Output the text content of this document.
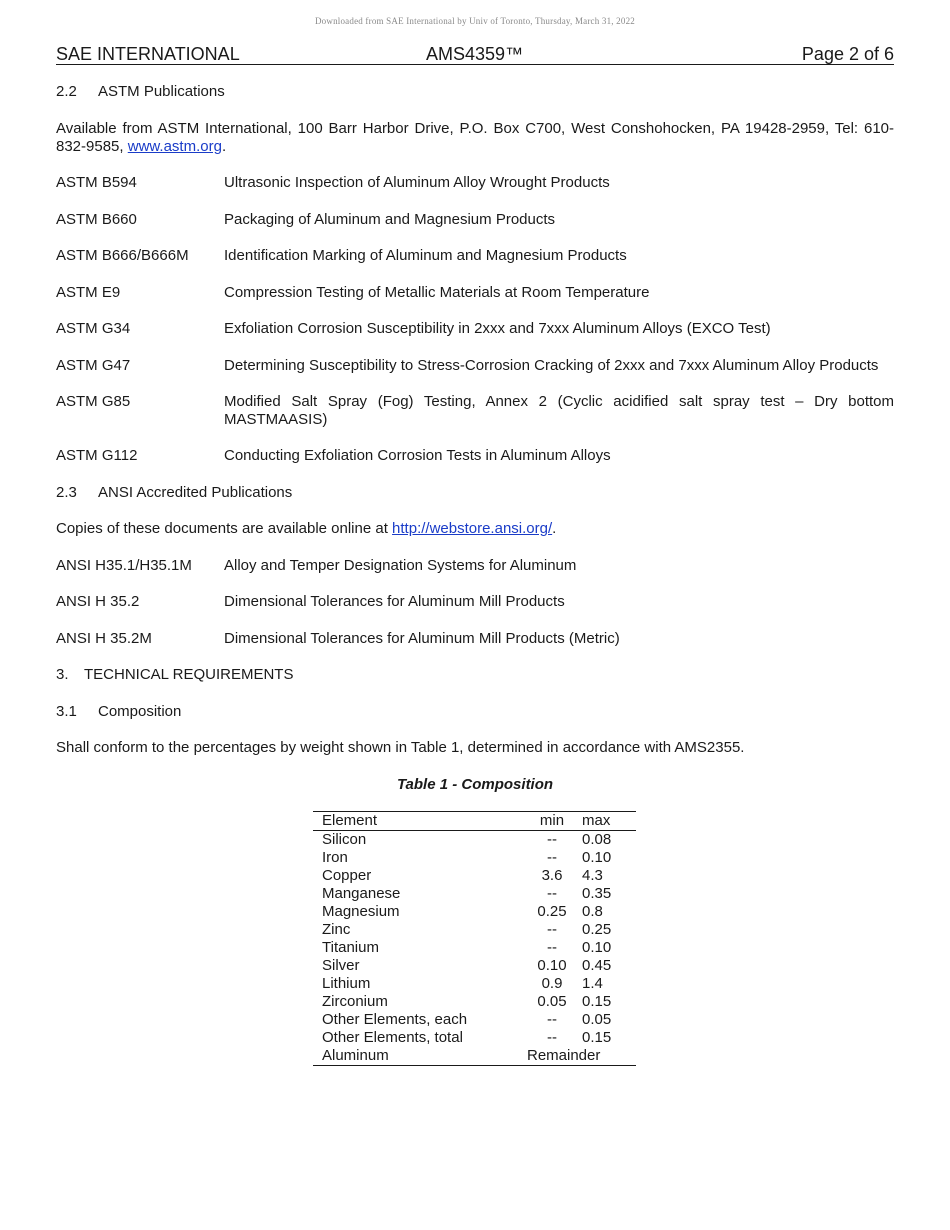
Downloaded from SAE International by Univ of Toronto, Thursday, March 31, 2022
SAE INTERNATIONAL	AMS4359™	Page 2 of 6
2.2 ASTM Publications
Available from ASTM International, 100 Barr Harbor Drive, P.O. Box C700, West Conshohocken, PA 19428-2959, Tel: 610-832-9585, www.astm.org.
ASTM B594	Ultrasonic Inspection of Aluminum Alloy Wrought Products
ASTM B660	Packaging of Aluminum and Magnesium Products
ASTM B666/B666M	Identification Marking of Aluminum and Magnesium Products
ASTM E9	Compression Testing of Metallic Materials at Room Temperature
ASTM G34	Exfoliation Corrosion Susceptibility in 2xxx and 7xxx Aluminum Alloys (EXCO Test)
ASTM G47	Determining Susceptibility to Stress-Corrosion Cracking of 2xxx and 7xxx Aluminum Alloy Products
ASTM G85	Modified Salt Spray (Fog) Testing, Annex 2 (Cyclic acidified salt spray test – Dry bottom MASTMAASIS)
ASTM G112	Conducting Exfoliation Corrosion Tests in Aluminum Alloys
2.3 ANSI Accredited Publications
Copies of these documents are available online at http://webstore.ansi.org/.
ANSI H35.1/H35.1M	Alloy and Temper Designation Systems for Aluminum
ANSI H 35.2	Dimensional Tolerances for Aluminum Mill Products
ANSI H 35.2M	Dimensional Tolerances for Aluminum Mill Products (Metric)
3. TECHNICAL REQUIREMENTS
3.1 Composition
Shall conform to the percentages by weight shown in Table 1, determined in accordance with AMS2355.
Table 1 - Composition
Element	min	max
Silicon	--	0.08
Iron	--	0.10
Copper	3.6	4.3
Manganese	--	0.35
Magnesium	0.25	0.8
Zinc	--	0.25
Titanium	--	0.10
Silver	0.10	0.45
Lithium	0.9	1.4
Zirconium	0.05	0.15
Other Elements, each	--	0.05
Other Elements, total	--	0.15
Aluminum	Remainder	
